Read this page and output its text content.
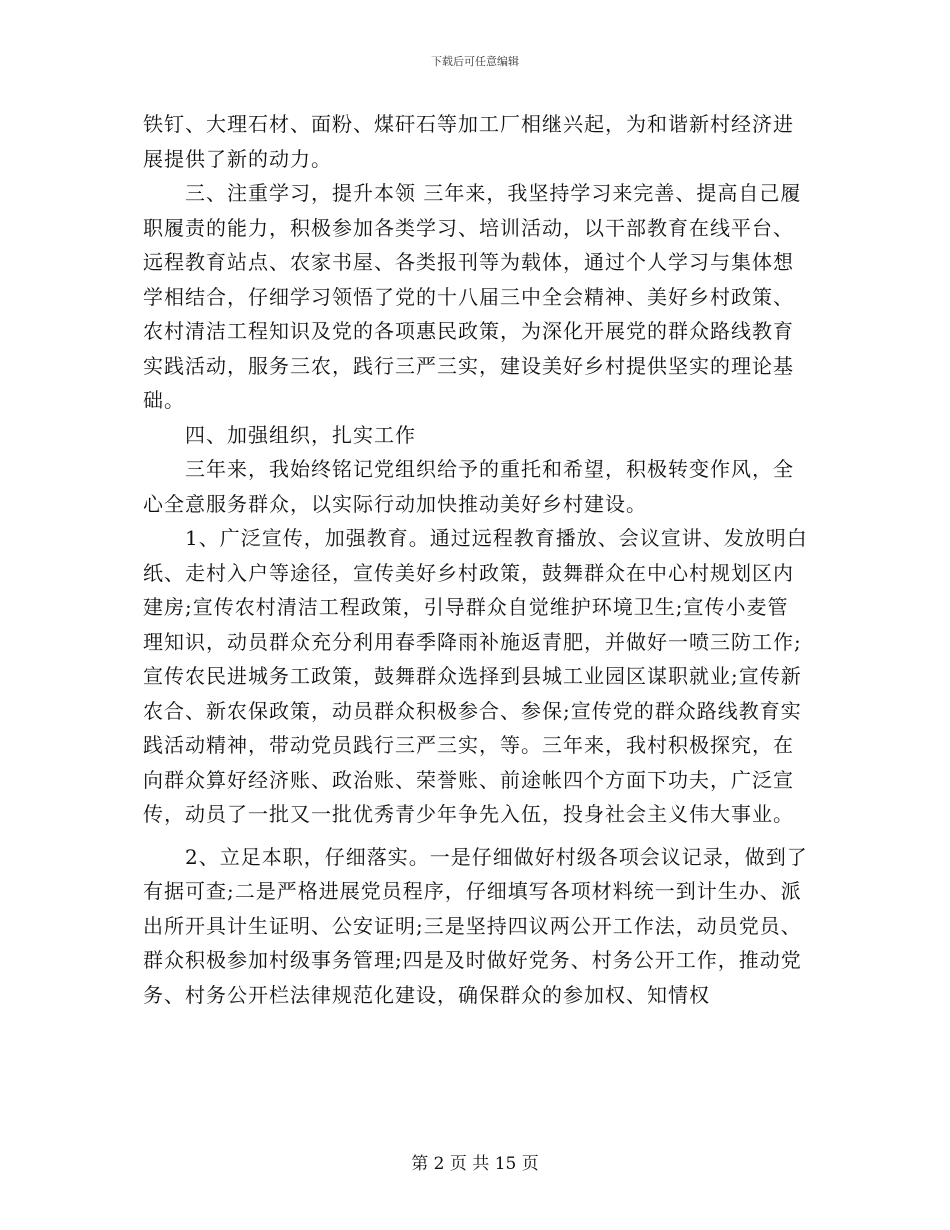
下载后可任意编辑

铁钉、大理石材、面粉、煤矸石等加工厂相继兴起，为和谐新村经济进展提供了新的动力。

　　三、注重学习，提升本领 三年来，我坚持学习来完善、提高自己履职履责的能力，积极参加各类学习、培训活动，以干部教育在线平台、远程教育站点、农家书屋、各类报刊等为载体，通过个人学习与集体想学相结合，仔细学习领悟了党的十八届三中全会精神、美好乡村政策、农村清洁工程知识及党的各项惠民政策，为深化开展党的群众路线教育实践活动，服务三农，践行三严三实，建设美好乡村提供坚实的理论基础。

　　四、加强组织，扎实工作

　　三年来，我始终铭记党组织给予的重托和希望，积极转变作风，全心全意服务群众，以实际行动加快推动美好乡村建设。

　　1、广泛宣传，加强教育。通过远程教育播放、会议宣讲、发放明白纸、走村入户等途径，宣传美好乡村政策，鼓舞群众在中心村规划区内建房;宣传农村清洁工程政策，引导群众自觉维护环境卫生;宣传小麦管理知识，动员群众充分利用春季降雨补施返青肥，并做好一喷三防工作;宣传农民进城务工政策，鼓舞群众选择到县城工业园区谋职就业;宣传新农合、新农保政策，动员群众积极参合、参保;宣传党的群众路线教育实践活动精神，带动党员践行三严三实，等。三年来，我村积极探究，在向群众算好经济账、政治账、荣誉账、前途帐四个方面下功夫，广泛宣传，动员了一批又一批优秀青少年争先入伍，投身社会主义伟大事业。

　　2、立足本职，仔细落实。一是仔细做好村级各项会议记录，做到了有据可查;二是严格进展党员程序，仔细填写各项材料统一到计生办、派出所开具计生证明、公安证明;三是坚持四议两公开工作法，动员党员、群众积极参加村级事务管理;四是及时做好党务、村务公开工作，推动党务、村务公开栏法律规范化建设，确保群众的参加权、知情权

第 2 页 共 15 页
